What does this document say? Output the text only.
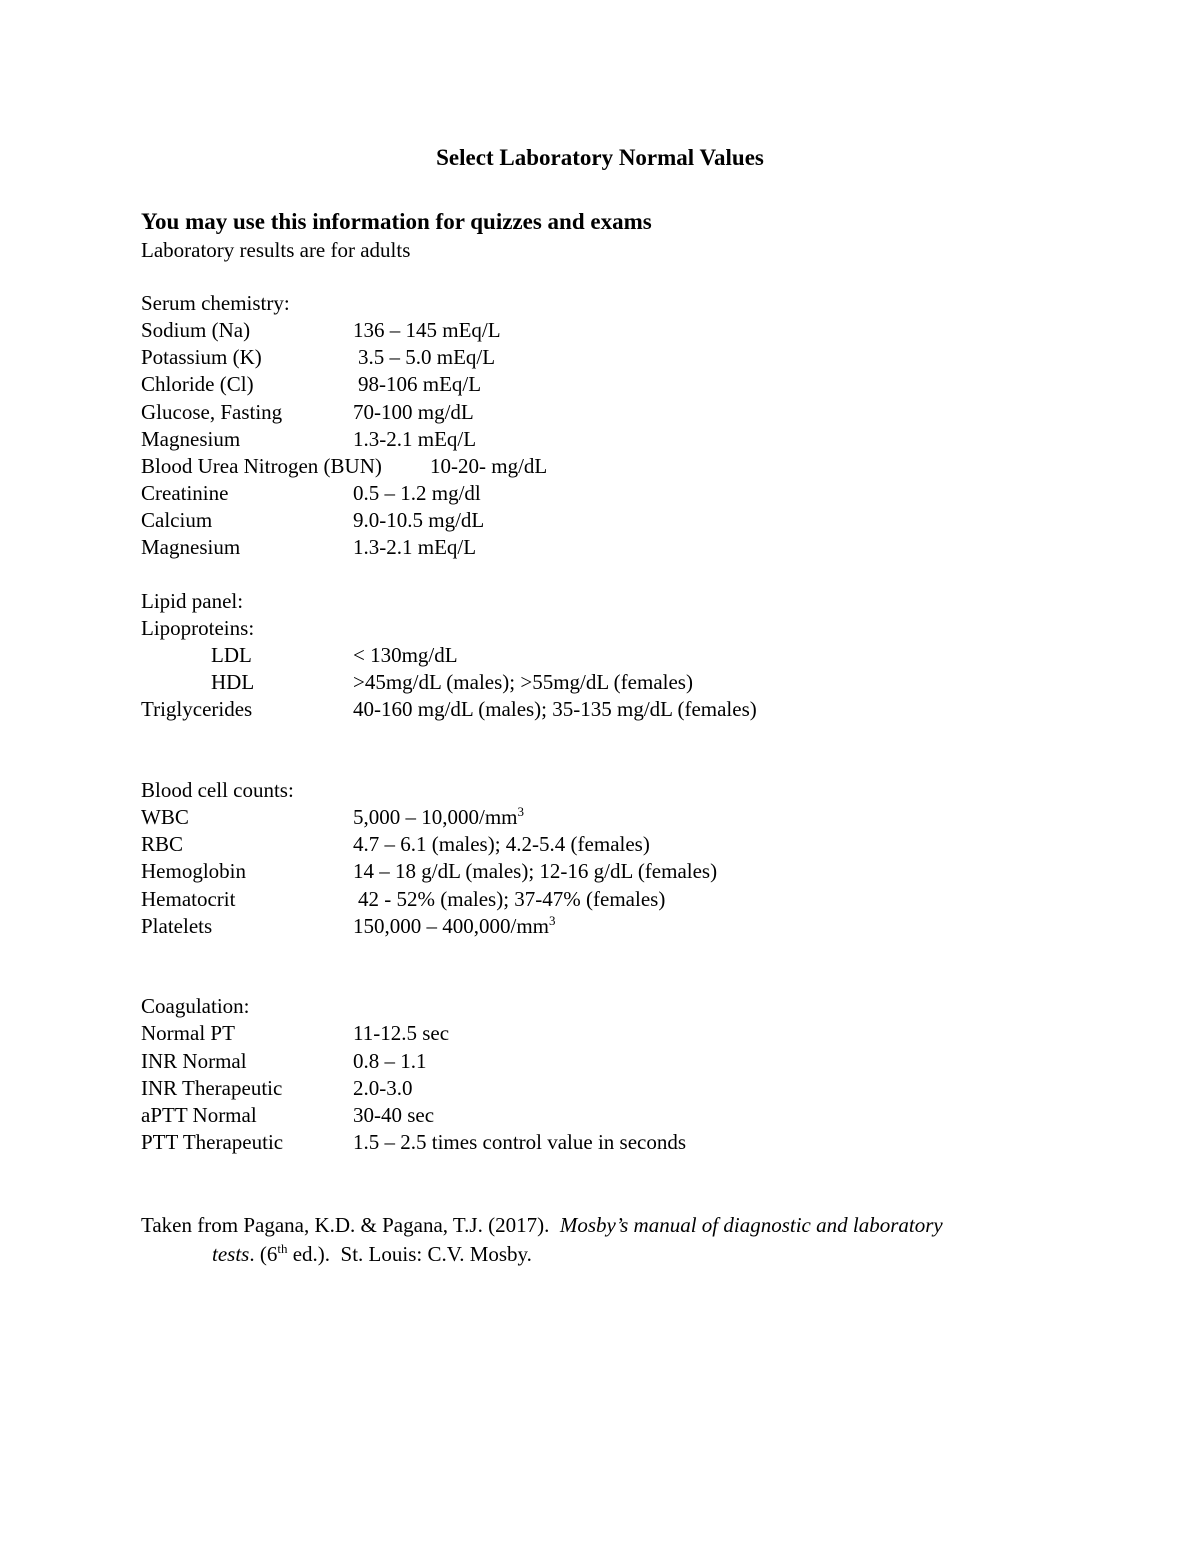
Select Laboratory Normal Values
You may use this information for quizzes and exams
Laboratory results are for adults
Serum chemistry:
Sodium (Na)	136 – 145 mEq/L
Potassium (K)	3.5 – 5.0 mEq/L
Chloride (Cl)	98-106 mEq/L
Glucose, Fasting	70-100 mg/dL
Magnesium	1.3-2.1 mEq/L
Blood Urea Nitrogen (BUN) 10-20- mg/dL
Creatinine	0.5 – 1.2 mg/dl
Calcium	9.0-10.5 mg/dL
Magnesium	1.3-2.1 mEq/L
Lipid panel:
Lipoproteins:
LDL	< 130mg/dL
HDL	>45mg/dL (males); >55mg/dL (females)
Triglycerides	40-160 mg/dL (males); 35-135 mg/dL (females)
Blood cell counts:
WBC	$5,000 - 10,000/mm^3$
RBC	4.7 – 6.1 (males); 4.2-5.4 (females)
Hemoglobin	14 – 18 g/dL (males); 12-16 g/dL (females)
Hematocrit	42 - 52% (males); 37-47% (females)
Platelets	$150,000 - 400,000/mm^3$
Coagulation:
Normal PT	11-12.5 sec
INR Normal	0.8 – 1.1
INR Therapeutic	2.0-3.0
aPTT Normal	30-40 sec
PTT Therapeutic	1.5 – 2.5 times control value in seconds
Taken from Pagana, K.D. & Pagana, T.J. (2017). Mosby’s manual of diagnostic and laboratory
tests. (6th ed.). St. Louis: C.V. Mosby.
